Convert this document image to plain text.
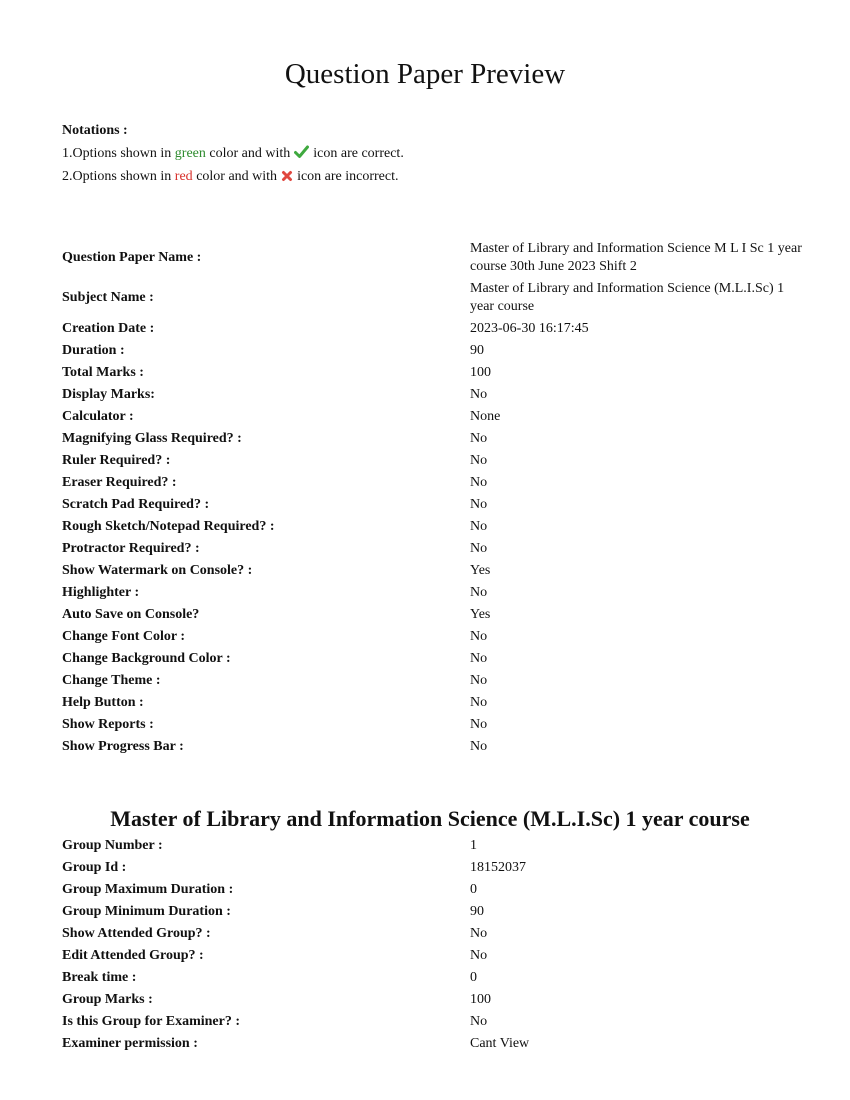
Question Paper Preview
Notations :
1.Options shown in green color and with icon are correct.
2.Options shown in red color and with icon are incorrect.
Question Paper Name :	Master of Library and Information Science M L I Sc 1 year course 30th June 2023 Shift 2
Subject Name :	Master of Library and Information Science (M.L.I.Sc) 1 year course
Creation Date :	2023-06-30 16:17:45
Duration :	90
Total Marks :	100
Display Marks:	No
Calculator :	None
Magnifying Glass Required? :	No
Ruler Required? :	No
Eraser Required? :	No
Scratch Pad Required? :	No
Rough Sketch/Notepad Required? :	No
Protractor Required? :	No
Show Watermark on Console? :	Yes
Highlighter :	No
Auto Save on Console?	Yes
Change Font Color :	No
Change Background Color :	No
Change Theme :	No
Help Button :	No
Show Reports :	No
Show Progress Bar :	No
Master of Library and Information Science (M.L.I.Sc) 1 year course
Group Number :	1
Group Id :	18152037
Group Maximum Duration :	0
Group Minimum Duration :	90
Show Attended Group? :	No
Edit Attended Group? :	No
Break time :	0
Group Marks :	100
Is this Group for Examiner? :	No
Examiner permission :	Cant View
